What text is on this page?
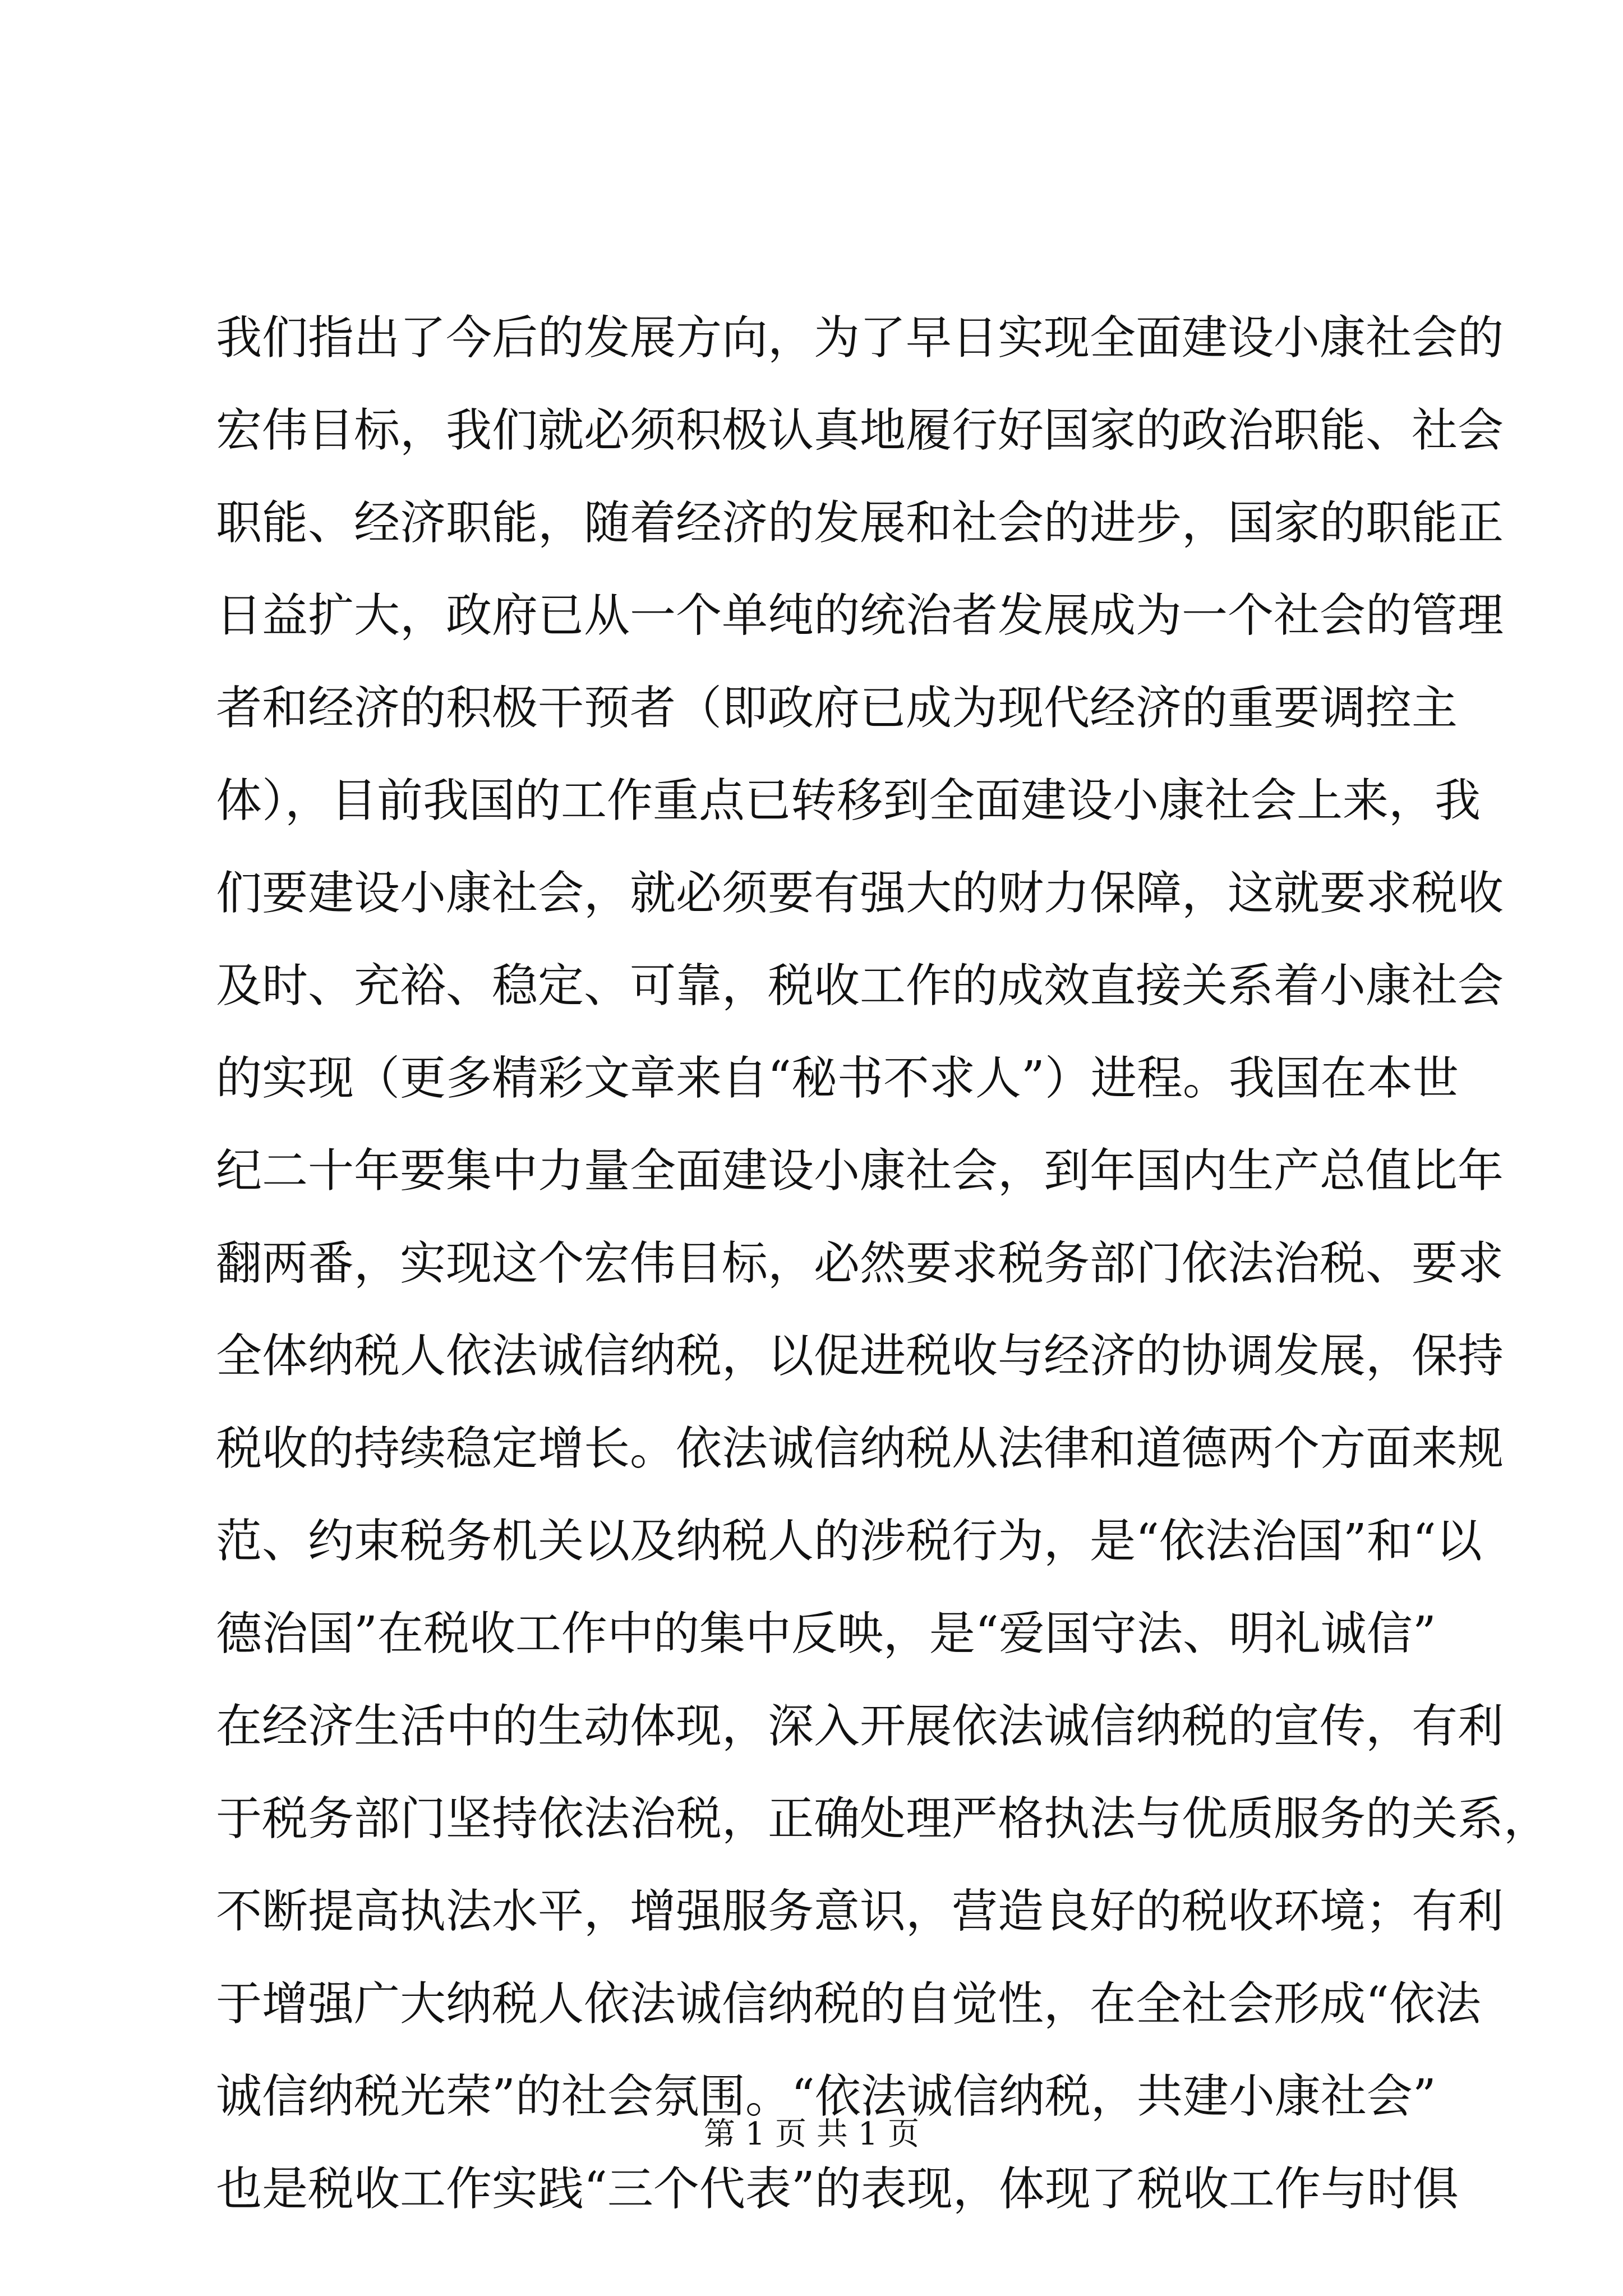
我们指出了今后的发展方向，为了早日实现全面建设小康社会的
宏伟目标，我们就必须积极认真地履行好国家的政治职能、社会
职能、经济职能，随着经济的发展和社会的进步，国家的职能正
日益扩大，政府已从一个单纯的统治者发展成为一个社会的管理
者和经济的积极干预者（即政府已成为现代经济的重要调控主
体），目前我国的工作重点已转移到全面建设小康社会上来，我
们要建设小康社会，就必须要有强大的财力保障，这就要求税收
及时、充裕、稳定、可靠，税收工作的成效直接关系着小康社会
的实现（更多精彩文章来自“秘书不求人”）进程。我国在本世
纪二十年要集中力量全面建设小康社会，到年国内生产总值比年
翻两番，实现这个宏伟目标，必然要求税务部门依法治税、要求
全体纳税人依法诚信纳税，以促进税收与经济的协调发展，保持
税收的持续稳定增长。依法诚信纳税从法律和道德两个方面来规
范、约束税务机关以及纳税人的涉税行为，是“依法治国”和“以
德治国”在税收工作中的集中反映，是“爱国守法、明礼诚信”
在经济生活中的生动体现，深入开展依法诚信纳税的宣传，有利
于税务部门坚持依法治税，正确处理严格执法与优质服务的关系，
不断提高执法水平，增强服务意识，营造良好的税收环境；有利
于增强广大纳税人依法诚信纳税的自觉性，在全社会形成“依法
诚信纳税光荣”的社会氛围。“依法诚信纳税，共建小康社会”
也是税收工作实践“三个代表”的表现，体现了税收工作与时俱
第 1 页 共 1 页
